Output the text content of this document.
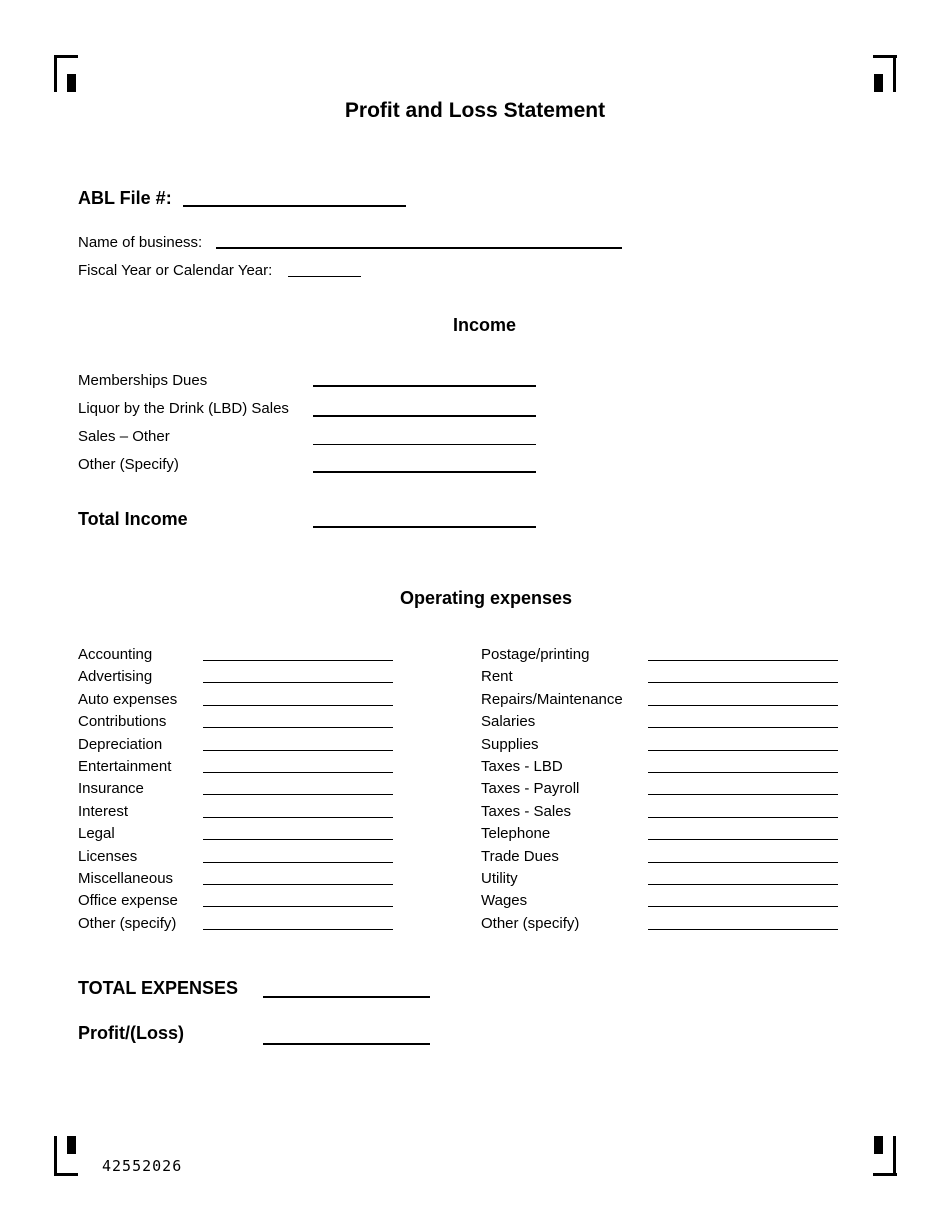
Profit and Loss Statement
ABL File #:
Name of business:
Fiscal Year or Calendar Year:
Income
Memberships Dues
Liquor by the Drink (LBD) Sales
Sales – Other
Other (Specify)
Total Income
Operating expenses
Accounting
Advertising
Auto expenses
Contributions
Depreciation
Entertainment
Insurance
Interest
Legal
Licenses
Miscellaneous
Office expense
Other (specify)
Postage/printing
Rent
Repairs/Maintenance
Salaries
Supplies
Taxes - LBD
Taxes - Payroll
Taxes - Sales
Telephone
Trade Dues
Utility
Wages
Other (specify)
TOTAL EXPENSES
Profit/(Loss)
42552026
